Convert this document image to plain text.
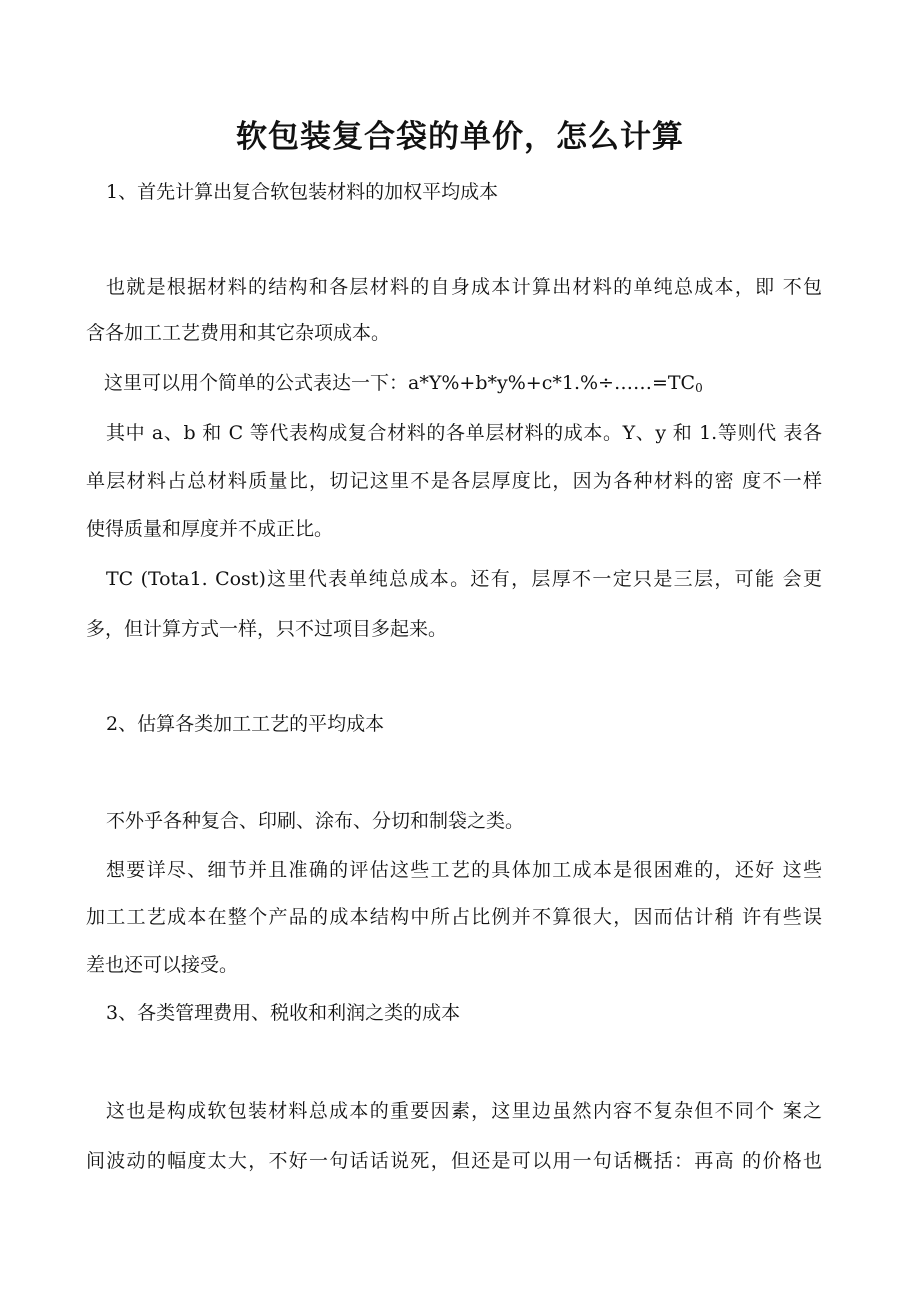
软包装复合袋的单价，怎么计算

1、首先计算出复合软包装材料的加权平均成本

也就是根据材料的结构和各层材料的自身成本计算出材料的单纯总成本，即 不包

含各加工工艺费用和其它杂项成本。

这里可以用个简单的公式表达一下：$a*Y\%+b*y\%+c*1.\%\div\dots\dots=TC_0$

其中 a、b 和 C 等代表构成复合材料的各单层材料的成本。Y、y 和 1.等则代 表各

单层材料占总材料质量比，切记这里不是各层厚度比，因为各种材料的密 度不一样

使得质量和厚度并不成正比。

TC (Tota1. Cost)这里代表单纯总成本。还有，层厚不一定只是三层，可能 会更

多，但计算方式一样，只不过项目多起来。

2、估算各类加工工艺的平均成本

不外乎各种复合、印刷、涂布、分切和制袋之类。

想要详尽、细节并且准确的评估这些工艺的具体加工成本是很困难的，还好 这些

加工工艺成本在整个产品的成本结构中所占比例并不算很大，因而估计稍 许有些误

差也还可以接受。

3、各类管理费用、税收和利润之类的成本

这也是构成软包装材料总成本的重要因素，这里边虽然内容不复杂但不同个 案之

间波动的幅度太大，不好一句话话说死，但还是可以用一句话概括：再高 的价格也
